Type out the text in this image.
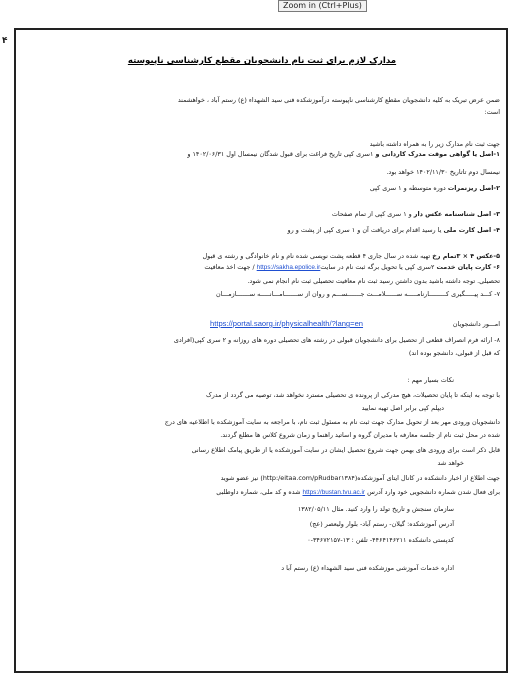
Zoom in (Ctrl+Plus)
۴
مدارک لازم برای ثبت نام دانشجویان مقطع کارشناسی ناپیوسته
ضمن عرض تبریک به کلیه دانشجویان مقطع کارشناسی ناپیوسته درآموزشکده فنی سید الشهداء (ع) رستم آباد ، خواهشمند
است:
جهت ثبت نام مدارک زیر را به همراه داشته باشید
۱-اصل یا گواهی موقت مدرک کاردانی و ۱سری کپی تاریخ فراغت برای قبول شدگان نیمسال اول ۱۴۰۲/۰۶/۳۱ و
نیمسال دوم تاتاریخ ۱۴۰۲/۱۱/۳۰ خواهد بود.
۲-اصل ریزنمرات دوره متوسطه و ۱ سری کپی
۳- اصل شناسنامه عکس دار و ۱ سری کپی از تمام صفحات
۴- اصل کارت ملی یا رسید اقدام برای دریافت آن و ۱ سری کپی از پشت و رو
۵-عکس ۴ × ۳تمام رخ تهیه شده در سال جاری ۴ قطعه پشت نویسی شده نام و نام خانوادگی و رشته ی قبول
۶- کارت پایان خدمت ۲سری کپی یا تحویل برگه ثبت نام در سایتhttps://sakha.epolice.ir / جهت اخذ معافیت
تحصیلی. توجه داشته باشید بدون داشتن رسید ثبت نام معافیت تحصیلی ثبت نام انجام نمی شود.
۷- کـــد پیـــــگیری کـــــــــارنامـــــه ســــــلامـــت جـــــــســـم و روان از ســـــــامـــانـــــه ســـــــازمـــان
https://portal.saorg.ir/physicalhealth/?lang=en	امـــور دانشجویان
۸- ارائه فرم انصراف قطعی از تحصیل برای دانشجویان قبولی در رشته های تحصیلی دوره های روزانه و ۲ سری کپی(افرادی
که قبل از قبولی، دانشجو بوده اند)
نکات بسیار مهم :
با توجه به اینکه تا پایان تحصیلات، هیچ مدرکی از پرونده ی تحصیلی مسترد نخواهد شد، توصیه می گردد از مدرک
دیپلم کپی برابر اصل تهیه نمایید
دانشجویان ورودی مهر بعد از تحویل مدارک جهت ثبت نام به مسئول ثبت نام، با مراجعه به سایت آموزشکده با اطلاعیه های درج
شده در محل ثبت نام از جلسه معارفه با مدیران گروه و اساتید راهنما و زمان شروع کلاس ها مطلع گردند.
قابل ذکر است برای ورودی های بهمن جهت شروع تحصیل ایشان در سایت آموزشکده یا از طریق پیامک اطلاع رسانی
خواهد شد
جهت اطلاع از اخبار دانشکده در کانال ایتای آموزشکده(http:/eitaa.com/pRudbar۱۳۸۴) نیز عضو شوید
برای فعال شدن شماره دانشجویی خود وارد آدرس https://bustan.tvu.ac.ir شده و کد ملی، شماره داوطلبی
سازمان سنجش و تاریخ تولد را وارد کنید. مثال ۱۳۸۲/۰۵/۱۱
آدرس آموزشکده: گیلان- رستم آباد- بلوار ولیعصر (عج)
کدپستی دانشکده ۴۴۶۴۱۴۶۲۱۱- تلفن : ۱۳-۳۴۶۷۲۱۵۷-۰
اداره خدمات آموزشی موزشکده فنی سید الشهداء (ع) رستم آبا د
